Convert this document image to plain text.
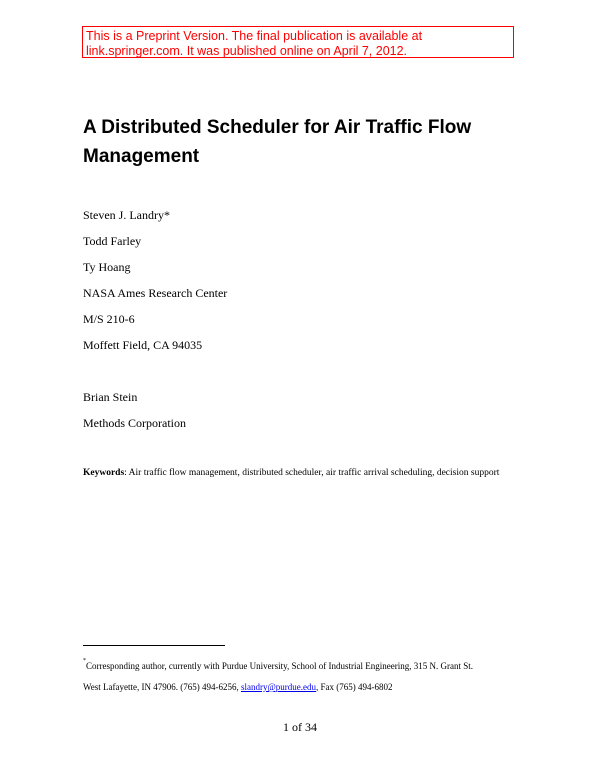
This is a Preprint Version. The final publication is available at
link.springer.com. It was published online on April 7, 2012.
A Distributed Scheduler for Air Traffic Flow
Management
Steven J. Landry*
Todd Farley
Ty Hoang
NASA Ames Research Center
M/S 210-6
Moffett Field, CA 94035
Brian Stein
Methods Corporation
Keywords: Air traffic flow management, distributed scheduler, air traffic arrival scheduling, decision support
*Corresponding author, currently with Purdue University, School of Industrial Engineering, 315 N. Grant St.
West Lafayette, IN 47906. (765) 494-6256, slandry@purdue.edu, Fax (765) 494-6802
1 of 34
